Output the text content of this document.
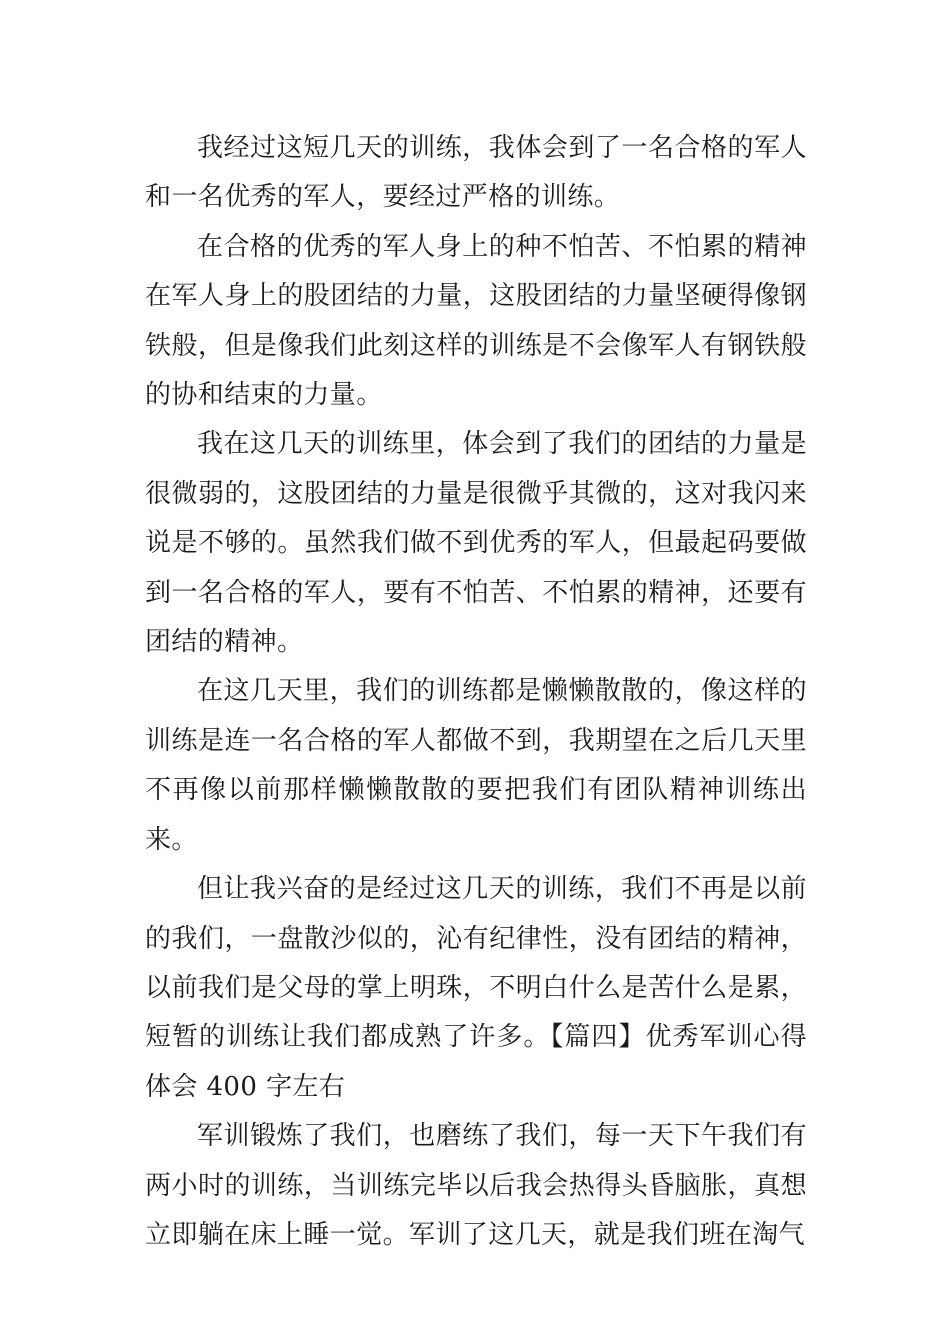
我经过这短几天的训练，我体会到了一名合格的军人和一名优秀的军人，要经过严格的训练。

在合格的优秀的军人身上的种不怕苦、不怕累的精神在军人身上的股团结的力量，这股团结的力量坚硬得像钢铁般，但是像我们此刻这样的训练是不会像军人有钢铁般的协和结束的力量。

我在这几天的训练里，体会到了我们的团结的力量是很微弱的，这股团结的力量是很微乎其微的，这对我闪来说是不够的。虽然我们做不到优秀的军人，但最起码要做到一名合格的军人，要有不怕苦、不怕累的精神，还要有团结的精神。

在这几天里，我们的训练都是懒懒散散的，像这样的训练是连一名合格的军人都做不到，我期望在之后几天里不再像以前那样懒懒散散的要把我们有团队精神训练出来。

但让我兴奋的是经过这几天的训练，我们不再是以前的我们，一盘散沙似的，沁有纪律性，没有团结的精神，以前我们是父母的掌上明珠，不明白什么是苦什么是累，短暂的训练让我们都成熟了许多。【篇四】优秀军训心得体会 400 字左右

军训锻炼了我们，也磨练了我们，每一天下午我们有两小时的训练，当训练完毕以后我会热得头昏脑胀，真想立即躺在床上睡一觉。军训了这几天，就是我们班在淘气
